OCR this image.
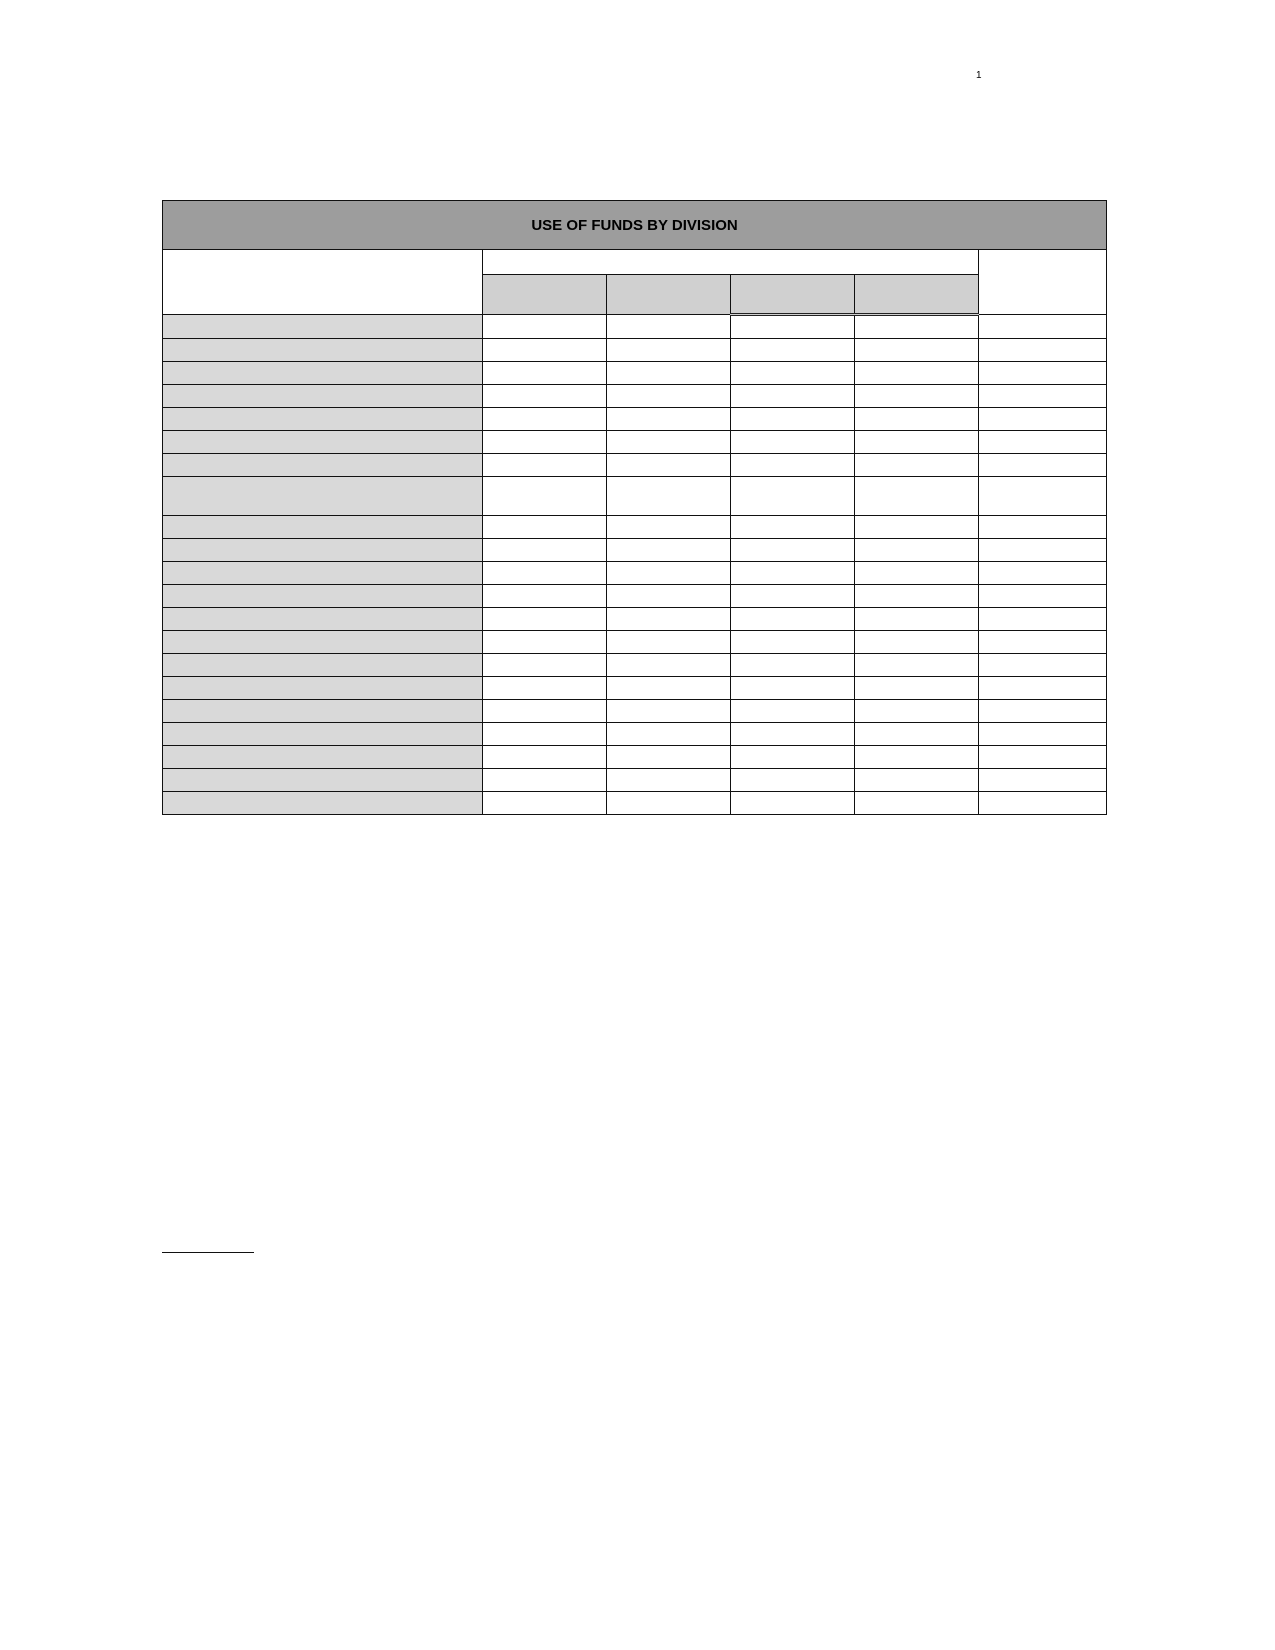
1
USE OF FUNDS BY DIVISION					
